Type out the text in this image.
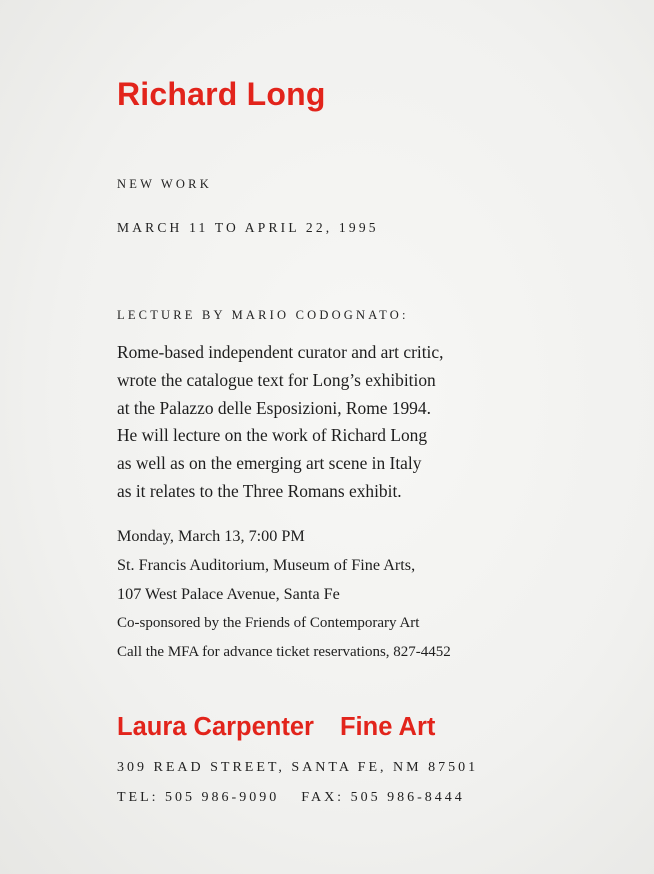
Richard Long
NEW WORK
MARCH 11 TO APRIL 22, 1995
LECTURE BY MARIO CODOGNATO:
Rome-based independent curator and art critic,
wrote the catalogue text for Long’s exhibition
at the Palazzo delle Esposizioni, Rome 1994.
He will lecture on the work of Richard Long
as well as on the emerging art scene in Italy
as it relates to the Three Romans exhibit.
Monday, March 13, 7:00 PM
St. Francis Auditorium, Museum of Fine Arts,
107 West Palace Avenue, Santa Fe
Co-sponsored by the Friends of Contemporary Art
Call the MFA for advance ticket reservations, 827-4452
Laura Carpenter Fine Art
309 READ STREET, SANTA FE, NM 87501
TEL: 505 986-9090 FAX: 505 986-8444
